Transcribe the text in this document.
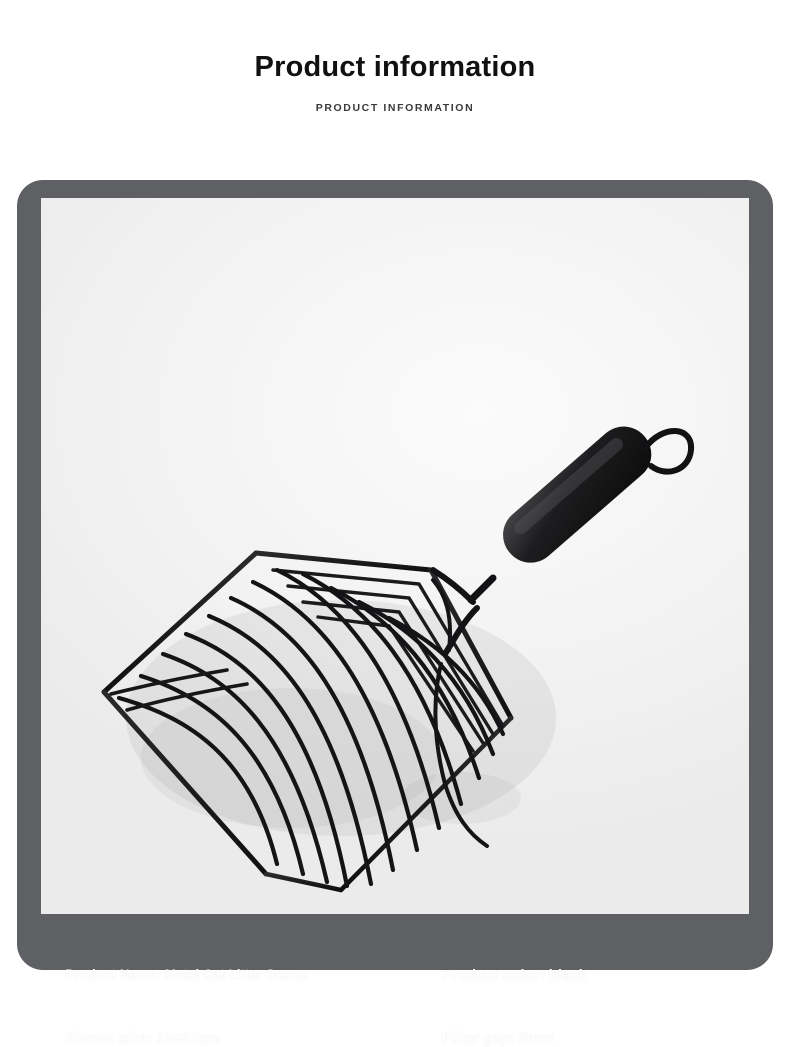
Product information
PRODUCT INFORMATION
Product Name: Metal Cat Litter Scoop	Product color: black
Shovel size: 13×32cm	Filter gap: 8mm
